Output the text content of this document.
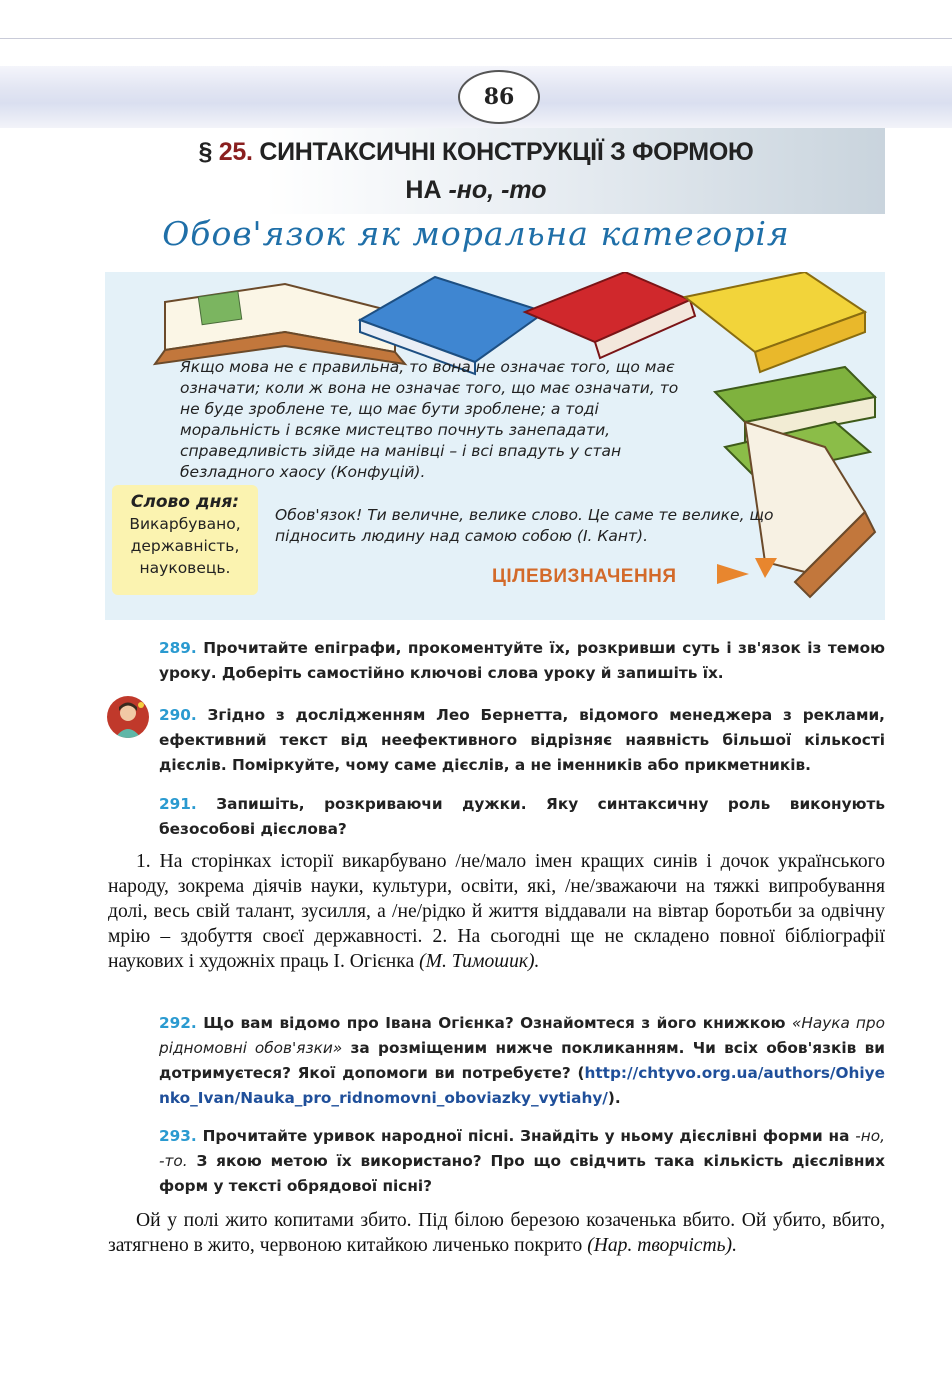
86
§ 25. СИНТАКСИЧНІ КОНСТРУКЦІЇ З ФОРМОЮ
НА -но, -то
Обов'язок як моральна категорія
Якщо мова не є правильна, то вона не означає того, що має означати; коли ж вона не означає того, що має означати, то не буде зроблене те, що має бути зроблене; а тоді моральність і всяке мистецтво почнуть занепадати, справедливість зійде на манівці – і всі впадуть у стан безладного хаосу (Конфуцій).
Слово дня:
Викарбувано,
державність,
науковець.
Обов'язок! Ти величне, велике слово. Це саме те велике, що підносить людину над самою собою (І. Кант).
ЦІЛЕВИЗНАЧЕННЯ
289. Прочитайте епіграфи, прокоментуйте їх, розкривши суть і зв'язок із темою уроку. Доберіть самостійно ключові слова уроку й запишіть їх.
290. Згідно з дослідженням Лео Бернетта, відомого менеджера з реклами, ефективний текст від неефективного відрізняє наявність більшої кількості дієслів. Поміркуйте, чому саме дієслів, а не іменників або прикметників.
291. Запишіть, розкриваючи дужки. Яку синтаксичну роль виконують безособові дієслова?
1. На сторінках історії викарбувано /не/мало імен кращих синів і дочок українського народу, зокрема діячів науки, культури, освіти, які, /не/зважаючи на тяжкі випробування долі, весь свій талант, зусилля, а /не/рідко й життя віддавали на вівтар боротьби за одвічну мрію – здобуття своєї державності. 2. На сьогодні ще не складено повної бібліографії наукових і художніх праць І. Огієнка (М. Тимошик).
292. Що вам відомо про Івана Огієнка? Ознайомтеся з його книжкою «Наука про рідномовні обов'язки» за розміщеним нижче покликанням. Чи всіх обов'язків ви дотримуєтеся? Якої допомоги ви потребуєте? (http://chtyvo.org.ua/authors/Ohiyenko_Ivan/Nauka_pro_ridnomovni_oboviazky_vytiahy/).
293. Прочитайте уривок народної пісні. Знайдіть у ньому дієслівні форми на -но, -то. З якою метою їх використано? Про що свідчить така кількість дієслівних форм у тексті обрядової пісні?
Ой у полі жито копитами збито. Під білою березою козаченька вбито. Ой убито, вбито, затягнено в жито, червоною китайкою личенько покрито (Нар. творчість).
